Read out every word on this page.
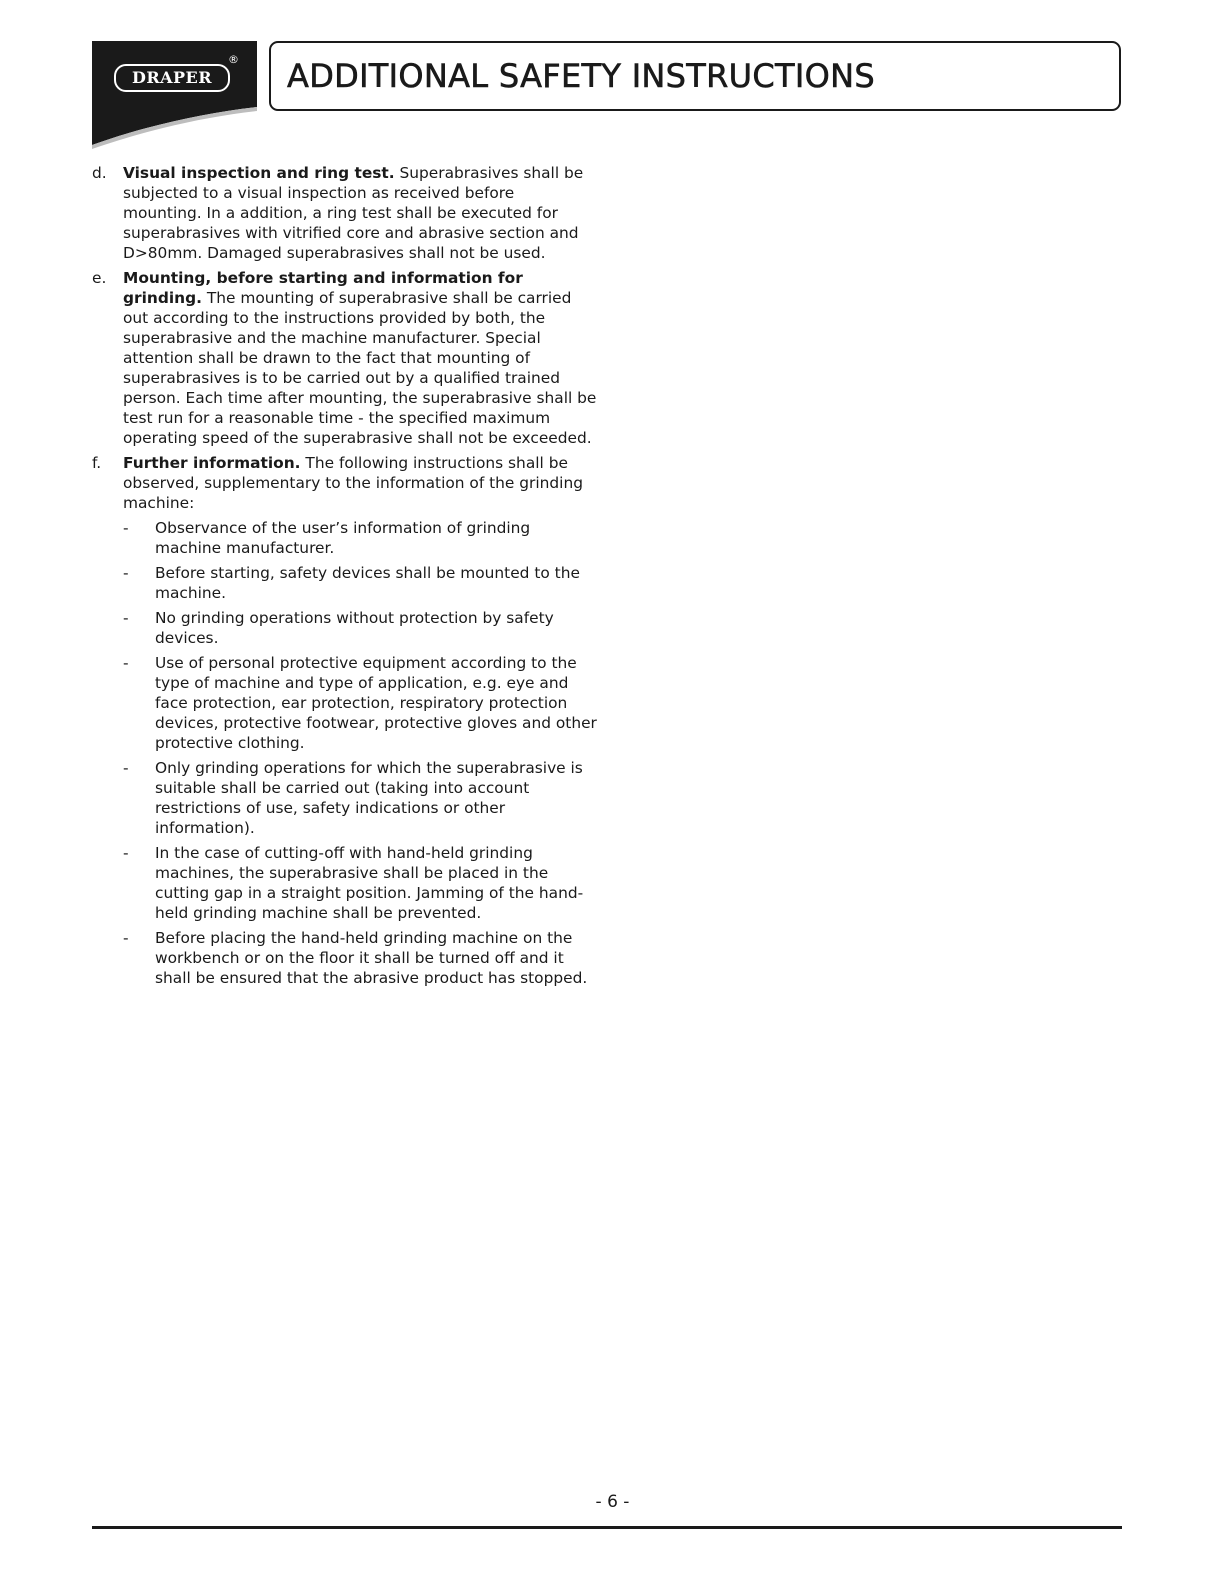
DRAPER
® ADDITIONAL SAFETY INSTRUCTIONS
d. Visual inspection and ring test. Superabrasives shall be subjected to a visual inspection as received before mounting. In a addition, a ring test shall be executed for superabrasives with vitrified core and abrasive section and D>80mm. Damaged superabrasives shall not be used.
e. Mounting, before starting and information for grinding. The mounting of superabrasive shall be carried out according to the instructions provided by both, the superabrasive and the machine manufacturer. Special attention shall be drawn to the fact that mounting of superabrasives is to be carried out by a qualified trained person. Each time after mounting, the superabrasive shall be test run for a reasonable time - the specified maximum operating speed of the superabrasive shall not be exceeded.
f. Further information. The following instructions shall be observed, supplementary to the information of the grinding machine:
- Observance of the user’s information of grinding machine manufacturer.
- Before starting, safety devices shall be mounted to the machine.
- No grinding operations without protection by safety devices.
- Use of personal protective equipment according to the type of machine and type of application, e.g. eye and face protection, ear protection, respiratory protection devices, protective footwear, protective gloves and other protective clothing.
- Only grinding operations for which the superabrasive is suitable shall be carried out (taking into account restrictions of use, safety indications or other information).
- In the case of cutting-off with hand-held grinding machines, the superabrasive shall be placed in the cutting gap in a straight position. Jamming of the hand-held grinding machine shall be prevented.
- Before placing the hand-held grinding machine on the workbench or on the floor it shall be turned off and it shall be ensured that the abrasive product has stopped.
- 6 -
